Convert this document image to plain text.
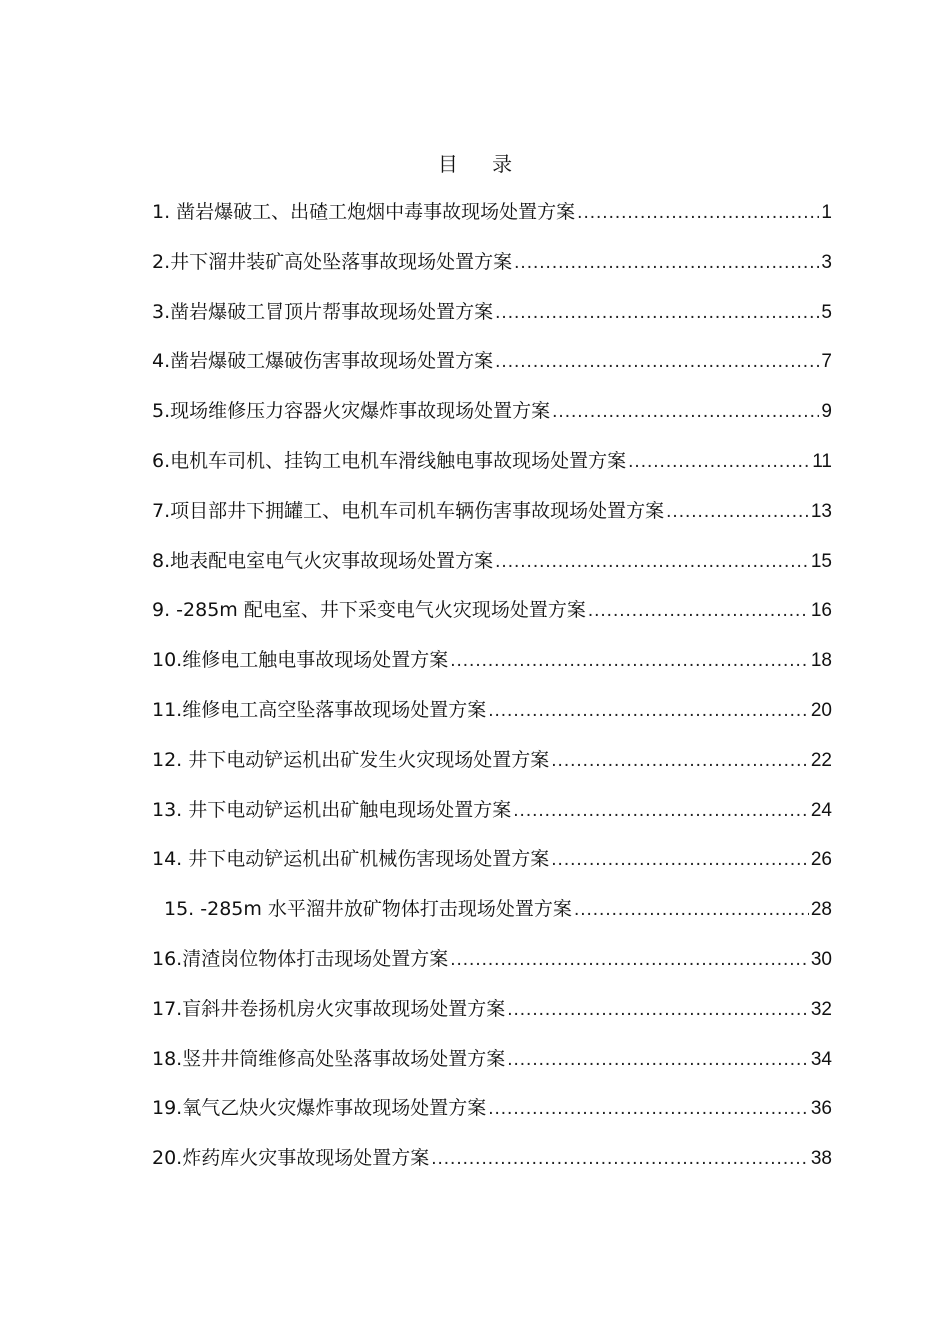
目 录
1. 凿岩爆破工、出碴工炮烟中毒事故现场处置方案 .....	1
2.井下溜井装矿高处坠落事故现场处置方案 .....	3
3.凿岩爆破工冒顶片帮事故现场处置方案 .....	5
4.凿岩爆破工爆破伤害事故现场处置方案 .....	7
5.现场维修压力容器火灾爆炸事故现场处置方案 .....	9
6.电机车司机、挂钩工电机车滑线触电事故现场处置方案 .....	11
7.项目部井下拥罐工、电机车司机车辆伤害事故现场处置方案 .....	13
8.地表配电室电气火灾事故现场处置方案 .....	15
9. -285m 配电室、井下采变电气火灾现场处置方案 .....	16
10.维修电工触电事故现场处置方案 .....	18
11.维修电工高空坠落事故现场处置方案 .....	20
12. 井下电动铲运机出矿发生火灾现场处置方案 .....	22
13. 井下电动铲运机出矿触电现场处置方案 .....	24
14. 井下电动铲运机出矿机械伤害现场处置方案 .....	26
15. -285m 水平溜井放矿物体打击现场处置方案 .....	28
16.清渣岗位物体打击现场处置方案 .....	30
17.盲斜井卷扬机房火灾事故现场处置方案 .....	32
18.竖井井筒维修高处坠落事故场处置方案 .....	34
19.氧气乙炔火灾爆炸事故现场处置方案 .....	36
20.炸药库火灾事故现场处置方案 .....	38
